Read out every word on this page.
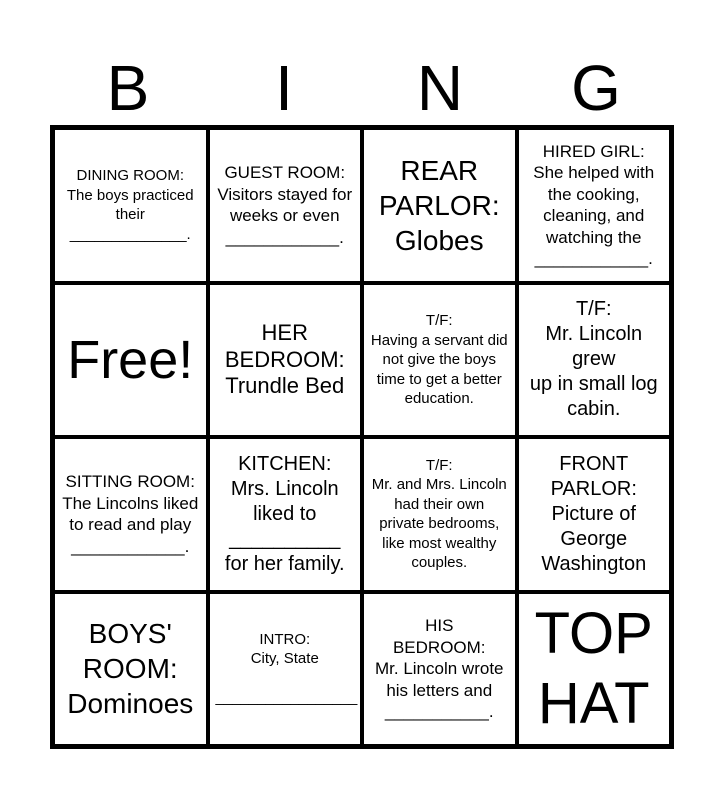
B	I	N	G
DINING ROOM:
The boys practiced their
______________.
GUEST ROOM:
Visitors stayed for weeks or even
____________.
REAR
PARLOR:
Globes
HIRED GIRL:
She helped with the cooking, cleaning, and watching the
____________.
Free!	HER
BEDROOM:
Trundle Bed
T/F:
Having a servant did not give the boys time to get a better education.
T/F:
Mr. Lincoln grew
up in small log cabin.
SITTING ROOM:
The Lincolns liked to read and play
____________.
KITCHEN:
Mrs. Lincoln liked to
__________
for her family.
T/F:
Mr. and Mrs. Lincoln had their own private bedrooms, like most wealthy couples.
FRONT
PARLOR:
Picture of George Washington
BOYS'
ROOM:
Dominoes
INTRO:
City, State

_________________
HIS
BEDROOM:
Mr. Lincoln wrote his letters and
___________.
TOP
HAT
